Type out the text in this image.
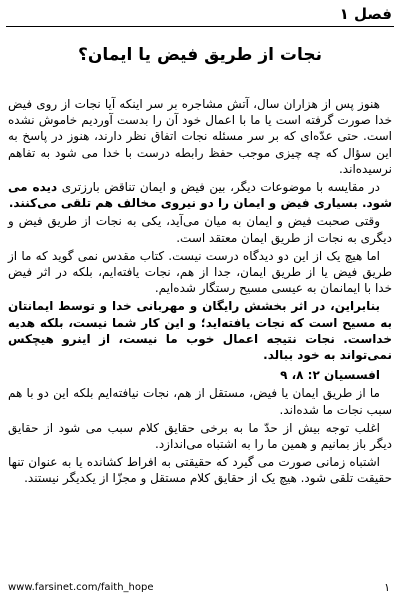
فصل ۱
نجات از طریق فیض یا ایمان؟

هنوز پس از هزاران سال، آتش مشاجره بر سر اینکه آیا نجات از روی فیض خدا صورت گرفته است یا ما با اعمال خود آن را بدست آوردیم خاموش نشده است. حتی عدّه‌ای که بر سر مسئله نجات اتفاق نظر دارند، هنوز در پاسخ به این سؤال که چه چیزی موجب حفظ رابطه درست با خدا می شود به تفاهم نرسیده‌اند.

در مقایسه با موضوعات دیگر، بین فیض و ایمان تناقض بارزتری دیده می شود. بسیاری فیض و ایمان را دو نیروی مخالف هم تلقی می‌کنند.

وقتی صحبت فیض و ایمان به میان می‌آید، یکی به نجات از طریق فیض و دیگری به نجات از طریق ایمان معتقد است.

اما هیچ یک از این دو دیدگاه درست نیست. کتاب مقدس نمی گوید که ما از طریق فیض یا از طریق ایمان، جدا از هم، نجات یافته‌ایم، بلکه در اثر فیض خدا با ایمانمان به عیسی مسیح رستگار شده‌ایم.

بنابراین، در اثر بخشش رایگان و مهربانی خدا و توسط ایمانتان به مسیح است که نجات یافته‌اید؛ و این کار شما نیست، بلکه هدیه خداست. نجات نتیجه اعمال خوب ما نیست، از اینرو هیچکس نمی‌تواند به خود ببالد.

افسسیان ۲: ۸، ۹

ما از طریق ایمان یا فیض، مستقل از هم، نجات نیافته‌ایم بلکه این دو با هم سبب نجات ما شده‌اند.

اغلب توجه بیش از حدّ ما به برخی حقایق کلام سبب می شود از حقایق دیگر باز بمانیم و همین ما را به اشتباه می‌اندازد.

اشتباه زمانی صورت می گیرد که حقیقتی به افراط کشانده یا به عنوان تنها حقیقت تلقی شود. هیچ یک از حقایق کلام مستقل و مجزّا از یکدیگر نیستند.

www.farsinet.com/faith_hope	۱
